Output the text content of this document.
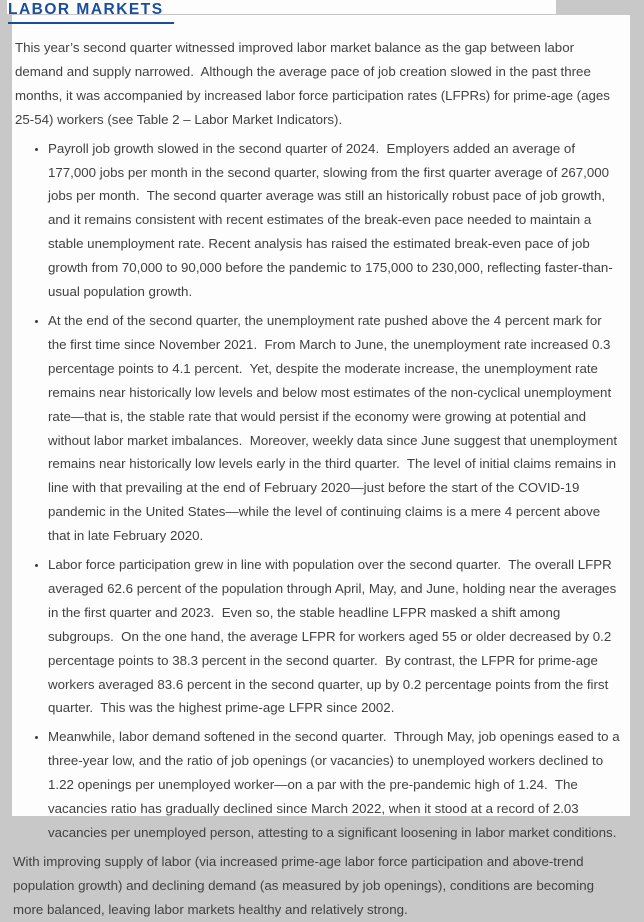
LABOR MARKETS

This year’s second quarter witnessed improved labor market balance as the gap between labor demand and supply narrowed.  Although the average pace of job creation slowed in the past three months, it was accompanied by increased labor force participation rates (LFPRs) for prime-age (ages 25-54) workers (see Table 2 – Labor Market Indicators).

• Payroll job growth slowed in the second quarter of 2024.  Employers added an average of 177,000 jobs per month in the second quarter, slowing from the first quarter average of 267,000 jobs per month.  The second quarter average was still an historically robust pace of job growth, and it remains consistent with recent estimates of the break-even pace needed to maintain a stable unemployment rate. Recent analysis has raised the estimated break-even pace of job growth from 70,000 to 90,000 before the pandemic to 175,000 to 230,000, reflecting faster-than-usual population growth.
• At the end of the second quarter, the unemployment rate pushed above the 4 percent mark for the first time since November 2021.  From March to June, the unemployment rate increased 0.3 percentage points to 4.1 percent.  Yet, despite the moderate increase, the unemployment rate remains near historically low levels and below most estimates of the non-cyclical unemployment rate—that is, the stable rate that would persist if the economy were growing at potential and without labor market imbalances.  Moreover, weekly data since June suggest that unemployment remains near historically low levels early in the third quarter.  The level of initial claims remains in line with that prevailing at the end of February 2020—just before the start of the COVID-19 pandemic in the United States—while the level of continuing claims is a mere 4 percent above that in late February 2020.
• Labor force participation grew in line with population over the second quarter.  The overall LFPR averaged 62.6 percent of the population through April, May, and June, holding near the averages in the first quarter and 2023.  Even so, the stable headline LFPR masked a shift among subgroups.  On the one hand, the average LFPR for workers aged 55 or older decreased by 0.2 percentage points to 38.3 percent in the second quarter.  By contrast, the LFPR for prime-age workers averaged 83.6 percent in the second quarter, up by 0.2 percentage points from the first quarter.  This was the highest prime-age LFPR since 2002.
• Meanwhile, labor demand softened in the second quarter.  Through May, job openings eased to a three-year low, and the ratio of job openings (or vacancies) to unemployed workers declined to 1.22 openings per unemployed worker—on a par with the pre-pandemic high of 1.24.  The vacancies ratio has gradually declined since March 2022, when it stood at a record of 2.03 vacancies per unemployed person, attesting to a significant loosening in labor market conditions.

With improving supply of labor (via increased prime-age labor force participation and above-trend population growth) and declining demand (as measured by job openings), conditions are becoming more balanced, leaving labor markets healthy and relatively strong.
